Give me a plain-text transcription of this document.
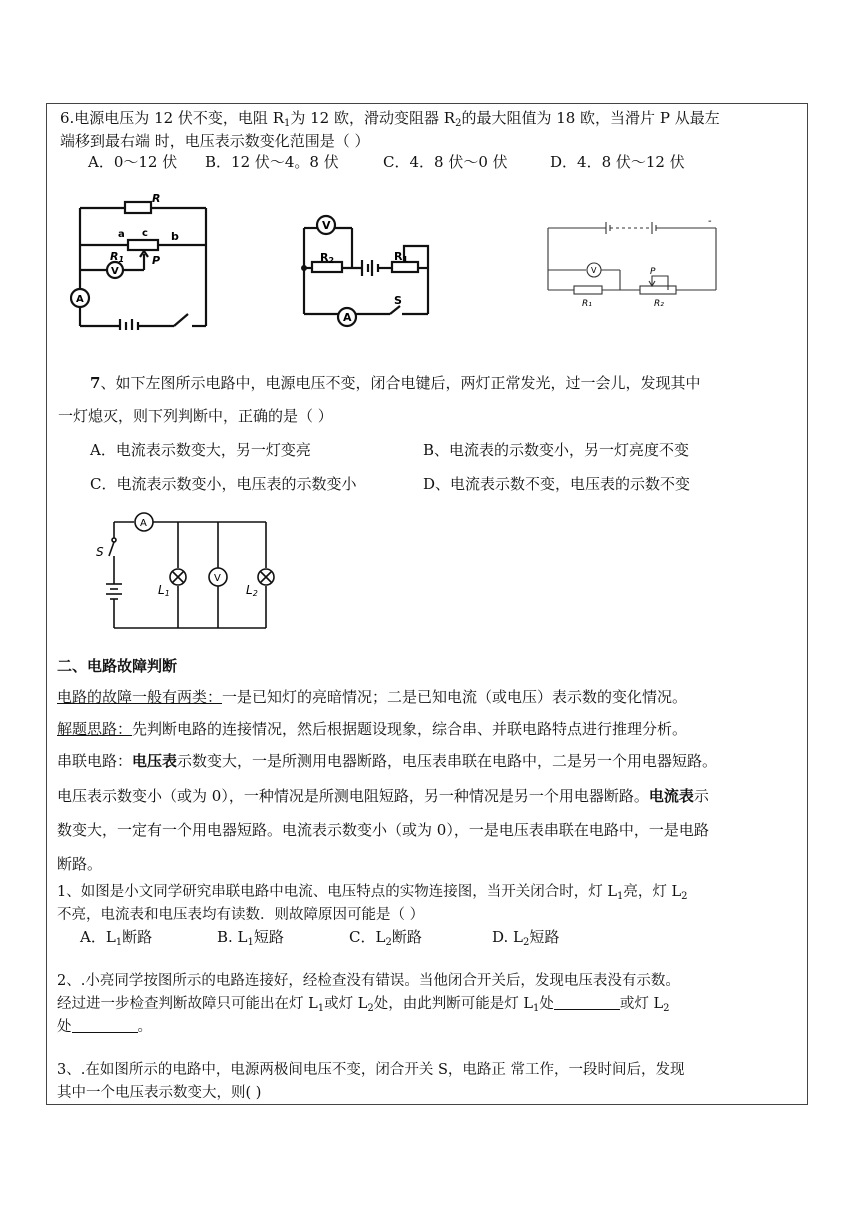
6.电源电压为 12 伏不变，电阻 $R_1$为 12 欧，滑动变阻器 $R_2$的最大阻值为 18 欧，当滑片 P 从最左
端移到最右端 时，电压表示数变化范围是（ ）
A．0～12 伏 B．12 伏～4。8 伏	C．4．8 伏～0 伏	D．4．8 伏～12 伏
R
a c b
R1	P
V
A
V
R2	R1
A
S
V	P
R₁	R₂
-
7、如下左图所示电路中，电源电压不变，闭合电键后，两灯正常发光，过一会儿，发现其中
一灯熄灭，则下列判断中，正确的是（ ）
A．电流表示数变大，另一灯变亮	B、电流表的示数变小，另一灯亮度不变
C．电流表示数变小，电压表的示数变小	D、电流表示数不变，电压表的示数不变
A
V
S
L1	L2
二、电路故障判断
电路的故障一般有两类：一是已知灯的亮暗情况；二是已知电流（或电压）表示数的变化情况。
解题思路：先判断电路的连接情况，然后根据题设现象，综合串、并联电路特点进行推理分析。
串联电路：电压表示数变大，一是所测用电器断路，电压表串联在电路中，二是另一个用电器短路。
电压表示数变小（或为 0），一种情况是所测电阻短路，另一种情况是另一个用电器断路。电流表示
数变大，一定有一个用电器短路。电流表示数变小（或为 0），一是电压表串联在电路中，一是电路
断路。
1、如图是小文同学研究串联电路中电流、电压特点的实物连接图，当开关闭合时，灯 $L_1$亮，灯 $L_2$
不亮，电流表和电压表均有读数．则故障原因可能是（ ）
A．$L_1$断路	B. $L_1$短路	C．$L_2$断路	D. $L_2$短路
2、.小亮同学按图所示的电路连接好，经检查没有错误。当他闭合开关后，发现电压表没有示数。
经过进一步检查判断故障只可能出在灯 $L_1$或灯 $L_2$处，由此判断可能是灯 $L_1$处	或灯 $L_2$
处	。
3、.在如图所示的电路中，电源两极间电压不变，闭合开关 S，电路正 常工作，一段时间后，发现
其中一个电压表示数变大，则( )
